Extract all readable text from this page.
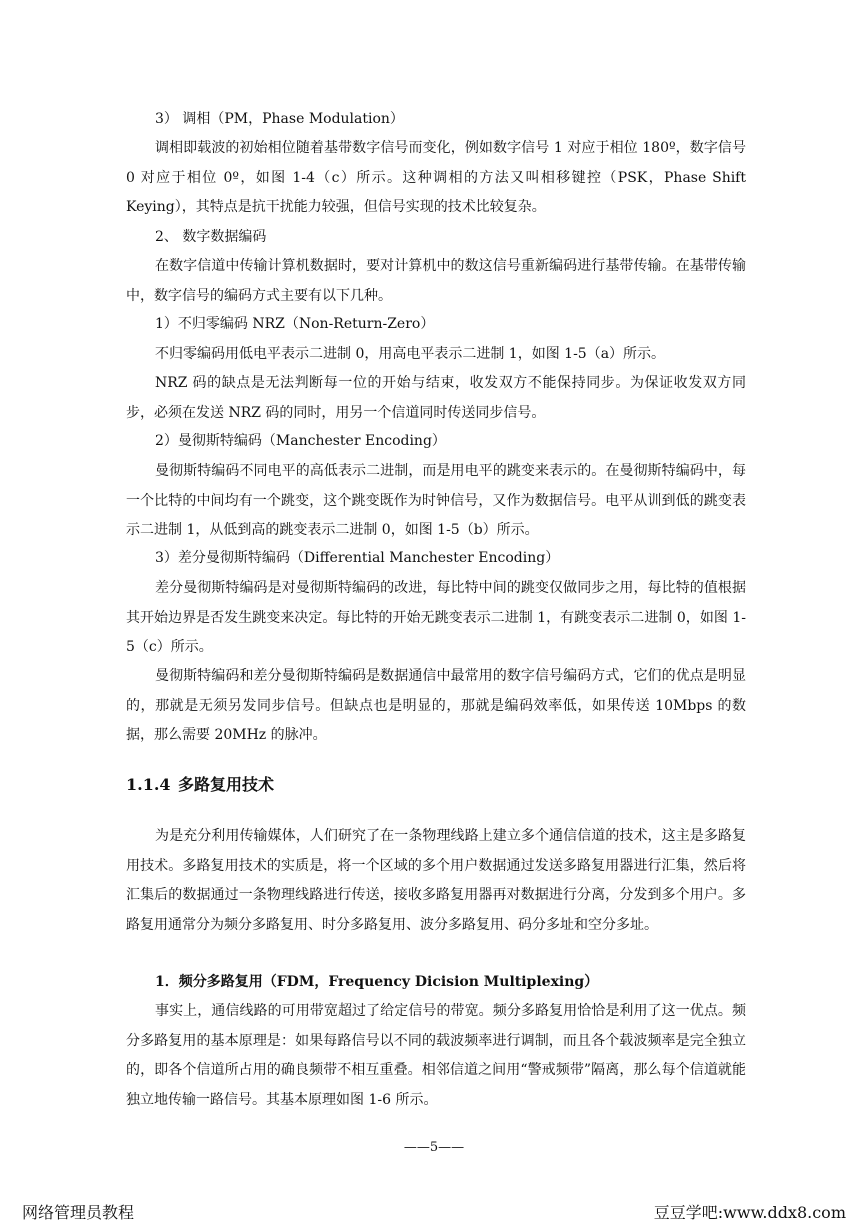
3） 调相（PM，Phase Modulation）

调相即载波的初始相位随着基带数字信号而变化，例如数字信号 1 对应于相位 180º，数字信号 0 对应于相位 0º，如图 1-4（c）所示。这种调相的方法又叫相移键控（PSK，Phase Shift Keying），其特点是抗干扰能力较强，但信号实现的技术比较复杂。

2、 数字数据编码

在数字信道中传输计算机数据时，要对计算机中的数这信号重新编码进行基带传输。在基带传输中，数字信号的编码方式主要有以下几种。

1）不归零编码 NRZ（Non-Return-Zero）

不归零编码用低电平表示二进制 0，用高电平表示二进制 1，如图 1-5（a）所示。

NRZ 码的缺点是无法判断每一位的开始与结束，收发双方不能保持同步。为保证收发双方同步，必须在发送 NRZ 码的同时，用另一个信道同时传送同步信号。

2）曼彻斯特编码（Manchester Encoding）

曼彻斯特编码不同电平的高低表示二进制，而是用电平的跳变来表示的。在曼彻斯特编码中，每一个比特的中间均有一个跳变，这个跳变既作为时钟信号，又作为数据信号。电平从训到低的跳变表示二进制 1，从低到高的跳变表示二进制 0，如图 1-5（b）所示。

3）差分曼彻斯特编码（Differential Manchester Encoding）

差分曼彻斯特编码是对曼彻斯特编码的改进，每比特中间的跳变仅做同步之用，每比特的值根据其开始边界是否发生跳变来决定。每比特的开始无跳变表示二进制 1，有跳变表示二进制 0，如图 1-5（c）所示。

曼彻斯特编码和差分曼彻斯特编码是数据通信中最常用的数字信号编码方式，它们的优点是明显的，那就是无须另发同步信号。但缺点也是明显的，那就是编码效率低，如果传送 10Mbps 的数据，那么需要 20MHz 的脉冲。

1.1.4 多路复用技术

为是充分利用传输媒体，人们研究了在一条物理线路上建立多个通信信道的技术，这主是多路复用技术。多路复用技术的实质是，将一个区域的多个用户数据通过发送多路复用器进行汇集，然后将汇集后的数据通过一条物理线路进行传送，接收多路复用器再对数据进行分离，分发到多个用户。多路复用通常分为频分多路复用、时分多路复用、波分多路复用、码分多址和空分多址。

1．频分多路复用（FDM，Frequency Dicision Multiplexing）

事实上，通信线路的可用带宽超过了给定信号的带宽。频分多路复用恰恰是利用了这一优点。频分多路复用的基本原理是：如果每路信号以不同的载波频率进行调制，而且各个载波频率是完全独立的，即各个信道所占用的确良频带不相互重叠。相邻信道之间用“警戒频带”隔离，那么每个信道就能独立地传输一路信号。其基本原理如图 1-6 所示。

——5——
网络管理员教程	豆豆学吧:www.ddx8.com
